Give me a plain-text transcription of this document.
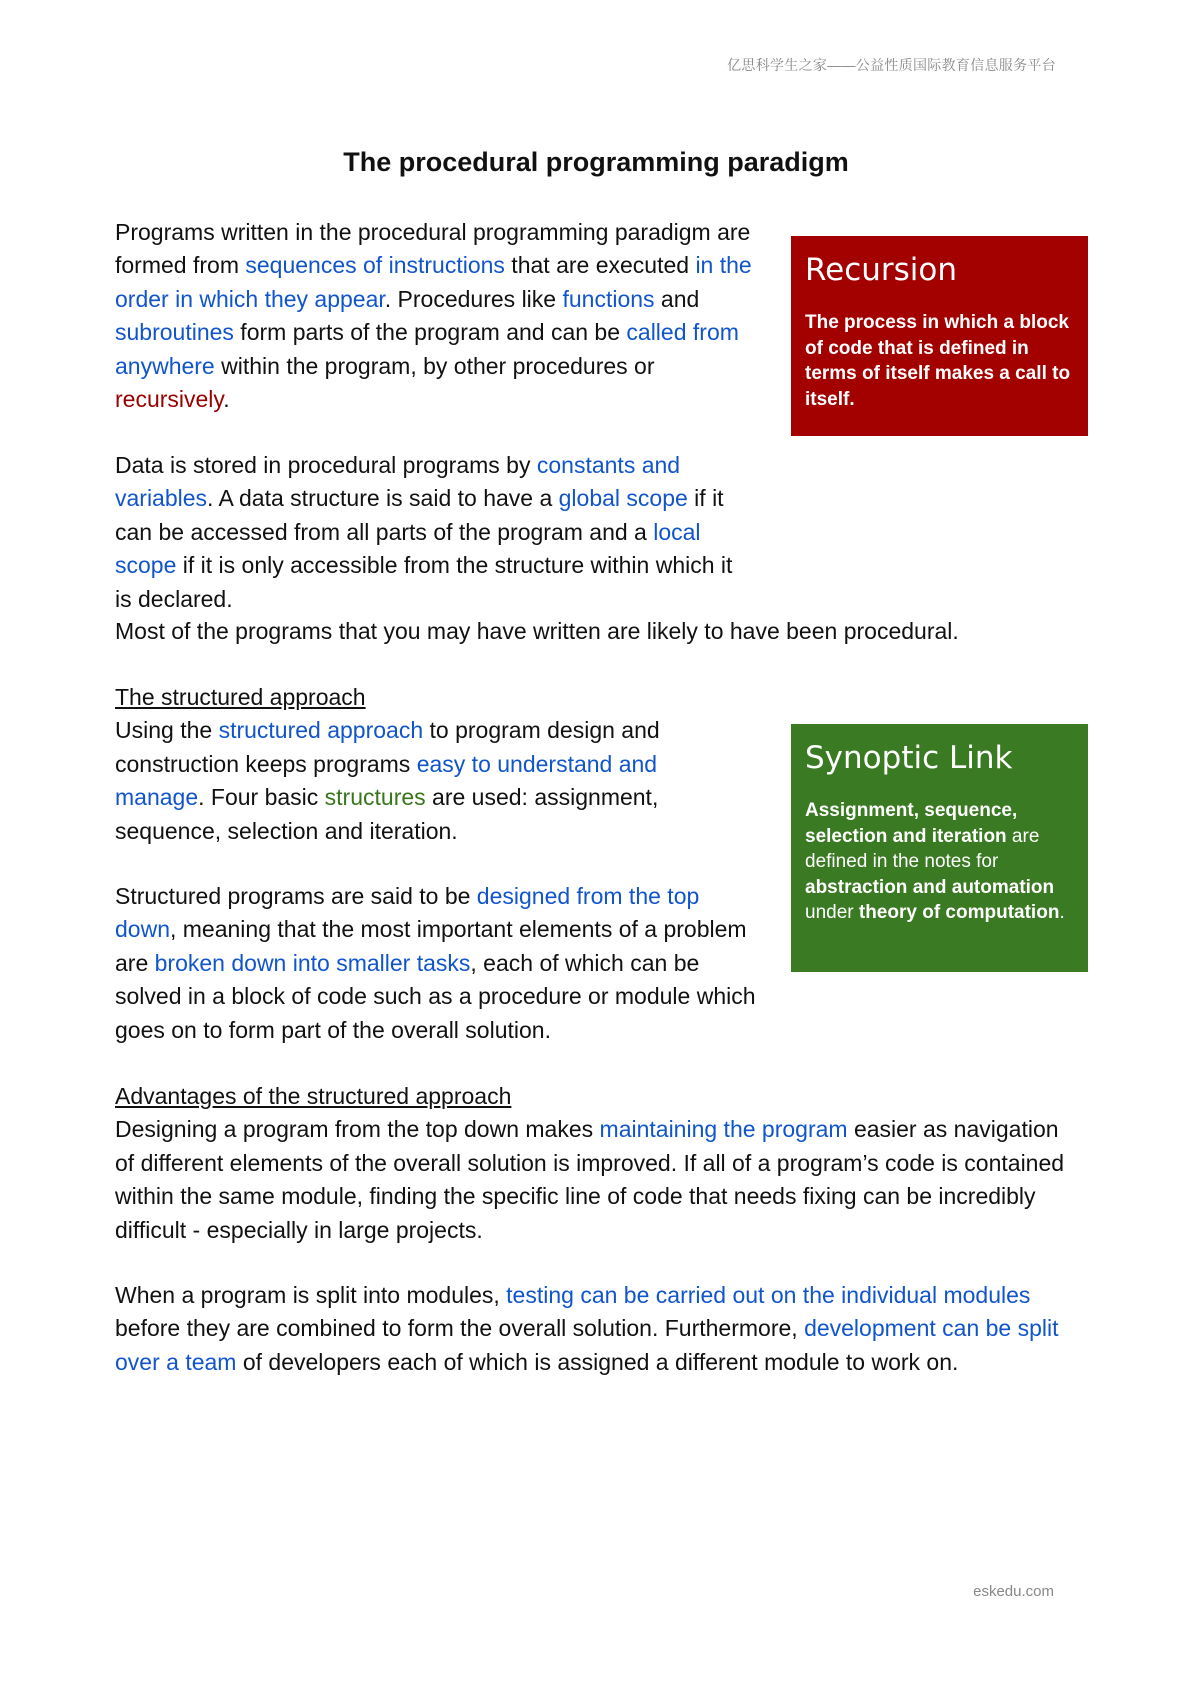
亿思科学生之家——公益性质国际教育信息服务平台
The procedural programming paradigm

Programs written in the procedural programming paradigm are formed from sequences of instructions that are executed in the order in which they appear. Procedures like functions and subroutines form parts of the program and can be called from anywhere within the program, by other procedures or recursively.

Recursion
The process in which a block of code that is defined in terms of itself makes a call to itself.

Data is stored in procedural programs by constants and variables. A data structure is said to have a global scope if it can be accessed from all parts of the program and a local scope if it is only accessible from the structure within which it is declared.

Most of the programs that you may have written are likely to have been procedural.

The structured approach
Using the structured approach to program design and construction keeps programs easy to understand and manage. Four basic structures are used: assignment, sequence, selection and iteration.

Synoptic Link
Assignment, sequence, selection and iteration are defined in the notes for abstraction and automation under theory of computation.

Structured programs are said to be designed from the top down, meaning that the most important elements of a problem are broken down into smaller tasks, each of which can be solved in a block of code such as a procedure or module which goes on to form part of the overall solution.

Advantages of the structured approach
Designing a program from the top down makes maintaining the program easier as navigation of different elements of the overall solution is improved. If all of a program’s code is contained within the same module, finding the specific line of code that needs fixing can be incredibly difficult - especially in large projects.

When a program is split into modules, testing can be carried out on the individual modules before they are combined to form the overall solution. Furthermore, development can be split over a team of developers each of which is assigned a different module to work on.

eskedu.com
